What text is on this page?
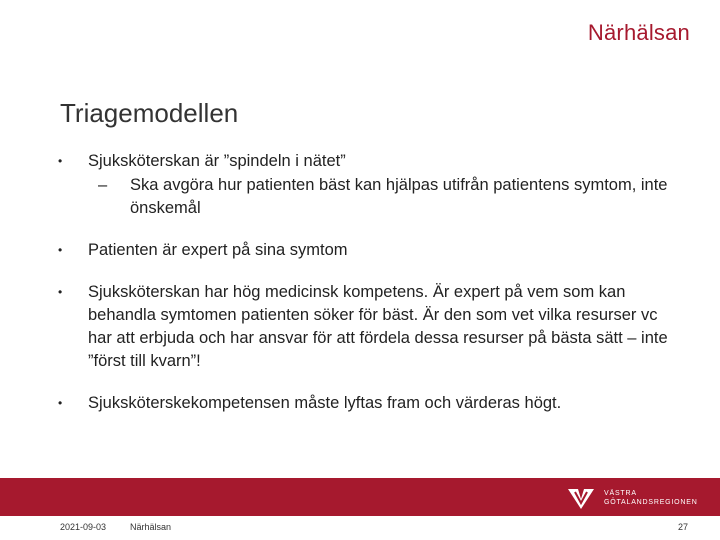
Närhälsan
Triagemodellen
• Sjuksköterskan är ”spindeln i nätet”
– Ska avgöra hur patienten bäst kan hjälpas utifrån patientens symtom, inte önskemål
• Patienten är expert på sina symtom
• Sjuksköterskan har hög medicinsk kompetens. Är expert på vem som kan behandla symtomen patienten söker för bäst. Är den som vet vilka resurser vc har att erbjuda och har ansvar för att fördela dessa resurser på bästa sätt – inte ”först till kvarn”!
• Sjuksköterskekompetensen måste lyftas fram och värderas högt.
VÄSTRA
GÖTALANDSREGIONEN
2021-09-03	Närhälsan	27
